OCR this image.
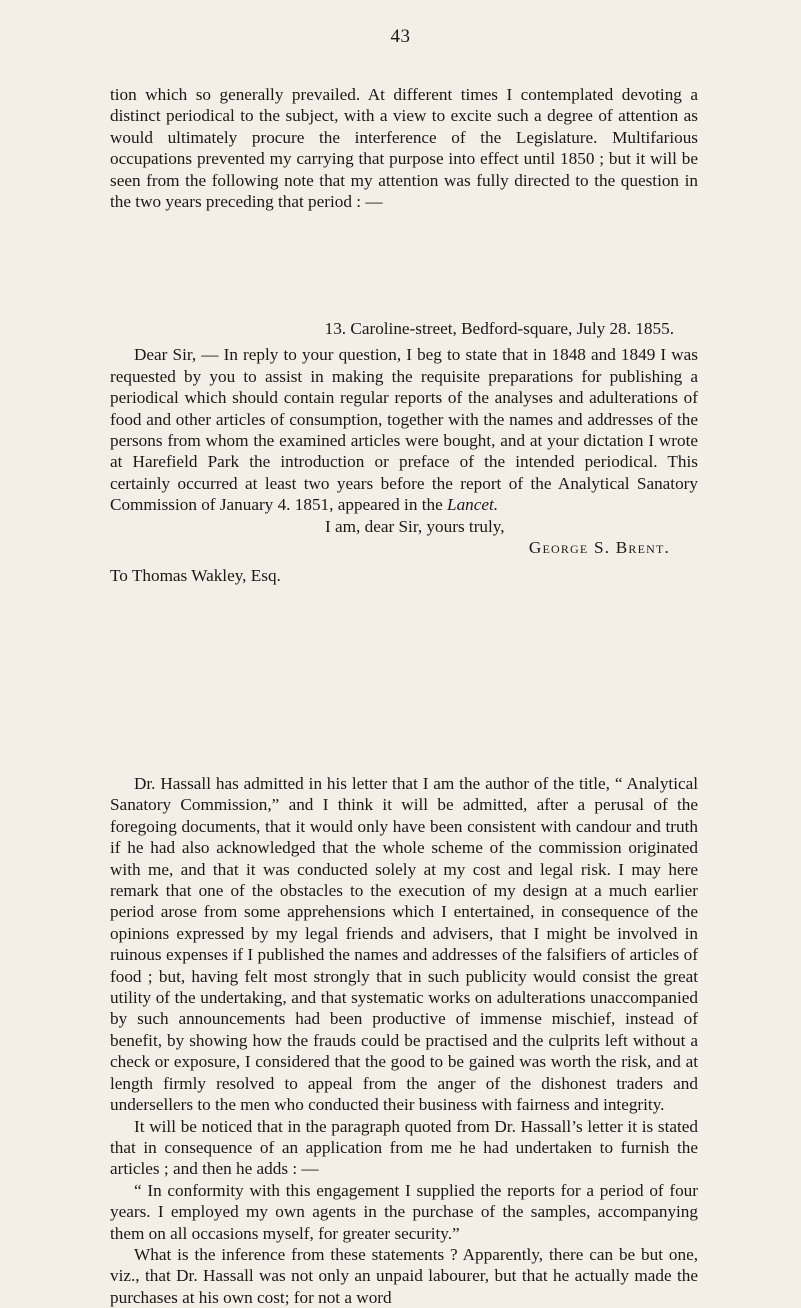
43

tion which so generally prevailed. At different times I contemplated devoting a distinct periodical to the subject, with a view to excite such a degree of attention as would ultimately procure the interference of the Legislature. Multifarious occupations prevented my carrying that purpose into effect until 1850 ; but it will be seen from the following note that my attention was fully directed to the question in the two years preceding that period : —

13. Caroline-street, Bedford-square, July 28. 1855.

Dear Sir, — In reply to your question, I beg to state that in 1848 and 1849 I was requested by you to assist in making the requisite preparations for publishing a periodical which should contain regular reports of the analyses and adulterations of food and other articles of consumption, together with the names and addresses of the persons from whom the examined articles were bought, and at your dictation I wrote at Harefield Park the introduction or preface of the intended periodical. This certainly occurred at least two years before the report of the Analytical Sanatory Commission of January 4. 1851, appeared in the Lancet.

I am, dear Sir, yours truly,

George S. Brent.

To Thomas Wakley, Esq.

Dr. Hassall has admitted in his letter that I am the author of the title, “ Analytical Sanatory Commission,” and I think it will be admitted, after a perusal of the foregoing documents, that it would only have been consistent with candour and truth if he had also acknowledged that the whole scheme of the commission originated with me, and that it was conducted solely at my cost and legal risk. I may here remark that one of the obstacles to the execution of my design at a much earlier period arose from some apprehensions which I entertained, in consequence of the opinions expressed by my legal friends and advisers, that I might be involved in ruinous expenses if I published the names and addresses of the falsifiers of articles of food ; but, having felt most strongly that in such publicity would consist the great utility of the undertaking, and that systematic works on adulterations unaccompanied by such announcements had been productive of immense mischief, instead of benefit, by showing how the frauds could be practised and the culprits left without a check or exposure, I considered that the good to be gained was worth the risk, and at length firmly resolved to appeal from the anger of the dishonest traders and undersellers to the men who conducted their business with fairness and integrity.

It will be noticed that in the paragraph quoted from Dr. Hassall’s letter it is stated that in consequence of an application from me he had undertaken to furnish the articles ; and then he adds : —

“ In conformity with this engagement I supplied the reports for a period of four years. I employed my own agents in the purchase of the samples, accompanying them on all occasions myself, for greater security.”

What is the inference from these statements ? Apparently, there can be but one, viz., that Dr. Hassall was not only an unpaid labourer, but that he actually made the purchases at his own cost; for not a word
